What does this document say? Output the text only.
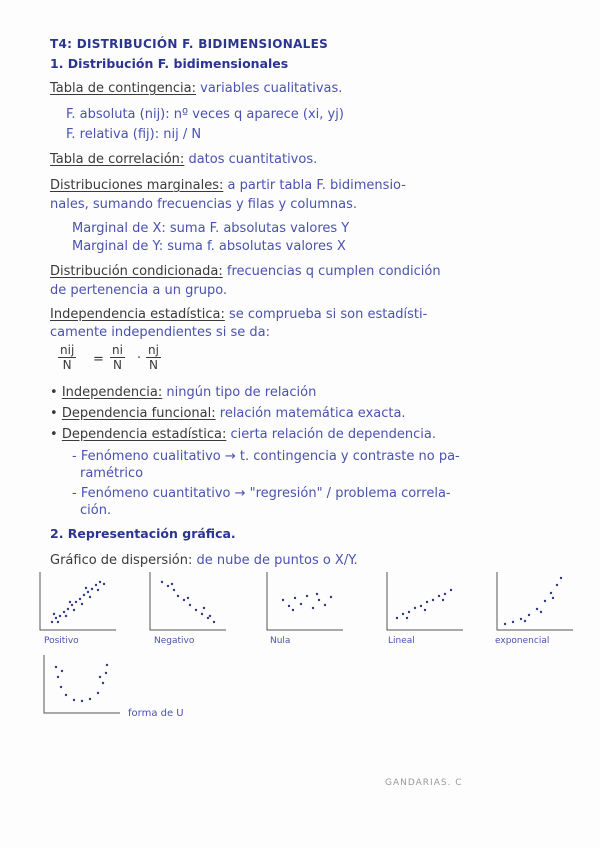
T4: DISTRIBUCIÓN F. BIDIMENSIONALES
1. Distribución F. bidimensionales
Tabla de contingencia: variables cualitativas.
F. absoluta (nij): nº veces q aparece (xi, yj)
F. relativa (fij): nij / N
Tabla de correlación: datos cuantitativos.
Distribuciones marginales: a partir tabla F. bidimensio-
nales, sumando frecuencias y filas y columnas.
Marginal de X: suma F. absolutas valores Y
Marginal de Y: suma f. absolutas valores X
Distribución condicionada: frecuencias q cumplen condición
de pertenencia a un grupo.
Independencia estadística: se comprueba si son estadísti-
camente independientes si se da:
nij
N	= $\frac{ni}{N} \cdot \frac{nj}{N}$
• Independencia: ningún tipo de relación
• Dependencia funcional: relación matemática exacta.
• Dependencia estadística: cierta relación de dependencia.
- Fenómeno cualitativo → t. contingencia y contraste no pa-
ramétrico
- Fenómeno cuantitativo → "regresión" / problema correla-
ción.
2. Representación gráfica.
Gráfico de dispersión: de nube de puntos o X/Y.
Positivo	Negativo	Nula	Lineal	exponencial
forma de U
GANDARIAS. C
